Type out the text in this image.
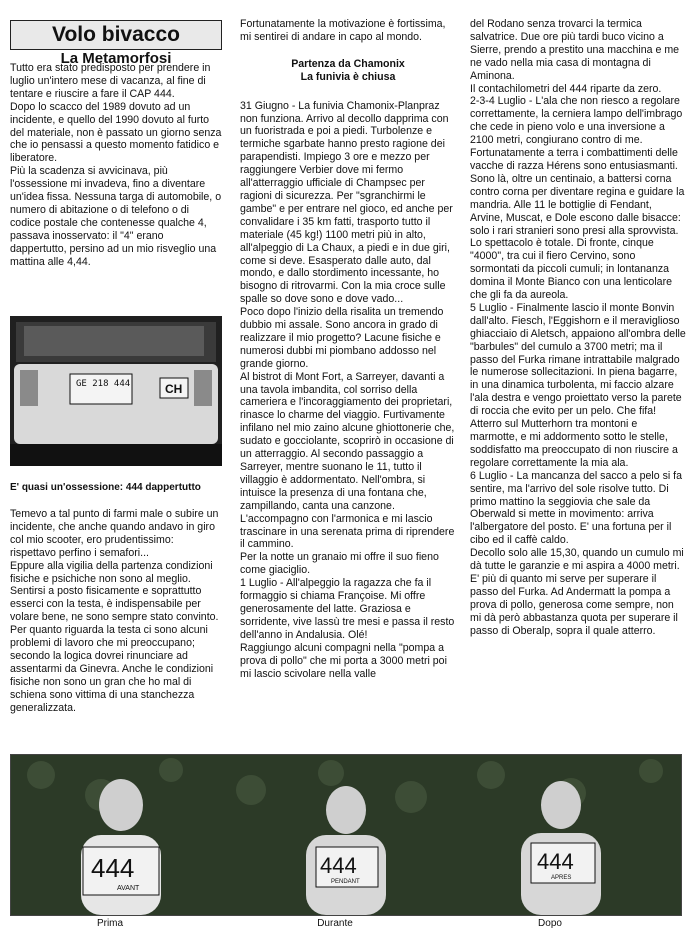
Volo bivacco
La Metamorfosi

Tutto era stato predisposto per prendere in luglio un'intero mese di vacanza, al fine di tentare e riuscire a fare il CAP 444.

Dopo lo scacco del 1989 dovuto ad un incidente, e quello del 1990 dovuto al furto del materiale, non è passato un giorno senza che io pensassi a questo momento fatidico e liberatore.

Più la scadenza si avvicinava, più l'ossessione mi invadeva, fino a diventare un'idea fissa. Nessuna targa di automobile, o numero di abitazione o di telefono o di codice postale che contenesse qualche 4, passava inosservato: il "4" erano dappertutto, persino ad un mio risveglio una mattina alle 4,44.

GE 218 444	CH
E' quasi un'ossessione: 444 dappertutto

Temevo a tal punto di farmi male o subire un incidente, che anche quando andavo in giro col mio scooter, ero prudentissimo: rispettavo perfino i semafori...

Eppure alla vigilia della partenza condizioni fisiche e psichiche non sono al meglio. Sentirsi a posto fisicamente e soprattutto esserci con la testa, è indispensabile per volare bene, ne sono sempre stato convinto. Per quanto riguarda la testa ci sono alcuni problemi di lavoro che mi preoccupano; secondo la logica dovrei rinunciare ad assentarmi da Ginevra. Anche le condizioni fisiche non sono un gran che ho mal di schiena sono vittima di una stanchezza generalizzata.

Fortunatamente la motivazione è fortissima, mi sentirei di andare in capo al mondo.

Partenza da Chamonix
La funivia è chiusa

31 Giugno - La funivia Chamonix-Planpraz non funziona. Arrivo al decollo dapprima con un fuoristrada e poi a piedi. Turbolenze e termiche sgarbate hanno presto ragione dei parapendisti. Impiego 3 ore e mezzo per raggiungere Verbier dove mi fermo all'atterraggio ufficiale di Champsec per ragioni di sicurezza. Per "sgranchirmi le gambe" e per entrare nel gioco, ed anche per convalidare i 35 km fatti, trasporto tutto il materiale (45 kg!) 1100 metri più in alto, all'alpeggio di La Chaux, a piedi e in due giri, come si deve. Esasperato dalle auto, dal mondo, e dallo stordimento incessante, ho bisogno di ritrovarmi. Con la mia croce sulle spalle so dove sono e dove vado...

Poco dopo l'inizio della risalita un tremendo dubbio mi assale. Sono ancora in grado di realizzare il mio progetto? Lacune fisiche e numerosi dubbi mi piombano addosso nel grande giorno.

Al bistrot di Mont Fort, a Sarreyer, davanti a una tavola imbandita, col sorriso della cameriera e l'incoraggiamento dei proprietari, rinasce lo charme del viaggio. Furtivamente infilano nel mio zaino alcune ghiottonerie che, sudato e gocciolante, scoprirò in occasione di un atterraggio. Al secondo passaggio a Sarreyer, mentre suonano le 11, tutto il villaggio è addormentato. Nell'ombra, si intuisce la presenza di una fontana che, zampillando, canta una canzone. L'accompagno con l'armonica e mi lascio trascinare in una serenata prima di riprendere il cammino.

Per la notte un granaio mi offre il suo fieno come giaciglio.

1 Luglio - All'alpeggio la ragazza che fa il formaggio si chiama Françoise. Mi offre generosamente del latte. Graziosa e sorridente, vive lassù tre mesi e passa il resto dell'anno in Andalusia. Olé!

Raggiungo alcuni compagni nella "pompa a prova di pollo" che mi porta a 3000 metri poi mi lascio scivolare nella valle

del Rodano senza trovarci la termica salvatrice. Due ore più tardi buco vicino a Sierre, prendo a prestito una macchina e me ne vado nella mia casa di montagna di Aminona.

Il contachilometri del 444 riparte da zero.

2-3-4 Luglio - L'ala che non riesco a regolare correttamente, la cerniera lampo dell'imbrago che cede in pieno volo e una inversione a 2100 metri, congiurano contro di me.

Fortunatamente a terra i combattimenti delle vacche di razza Hérens sono entusiasmanti. Sono là, oltre un centinaio, a battersi corna contro corna per diventare regina e guidare la mandria. Alle 11 le bottiglie di Fendant, Arvine, Muscat, e Dole escono dalle bisacce: solo i rari stranieri sono presi alla sprovvista.

Lo spettacolo è totale. Di fronte, cinque "4000", tra cui il fiero Cervino, sono sormontati da piccoli cumuli; in lontananza domina il Monte Bianco con una lenticolare che gli fa da aureola.

5 Luglio - Finalmente lascio il monte Bonvin dall'alto. Fiesch, l'Eggishorn e il meraviglioso ghiacciaio di Aletsch, appaiono all'ombra delle "barbules" del cumulo a 3700 metri; ma il passo del Furka rimane intrattabile malgrado le numerose sollecitazioni. In piena bagarre, in una dinamica turbolenta, mi faccio alzare l'ala destra e vengo proiettato verso la parete di roccia che evito per un pelo. Che fifa!

Atterro sul Mutterhorn tra montoni e marmotte, e mi addormento sotto le stelle, soddisfatto ma preoccupato di non riuscire a regolare correttamente la mia ala.

6 Luglio - La mancanza del sacco a pelo si fa sentire, ma l'arrivo del sole risolve tutto. Di primo mattino la seggiovia che sale da Oberwald si mette in movimento: arriva l'albergatore del posto. E' una fortuna per il cibo ed il caffè caldo.

Decollo solo alle 15,30, quando un cumulo mi dà tutte le garanzie e mi aspira a 4000 metri. E' più di quanto mi serve per superare il passo del Furka. Ad Andermatt la pompa a prova di pollo, generosa come sempre, non mi dà però abbastanza quota per superare il passo di Oberalp, sopra il quale atterro.

444
AVANT
444
PENDANT
444
APRES
Prima	Durante	Dopo
